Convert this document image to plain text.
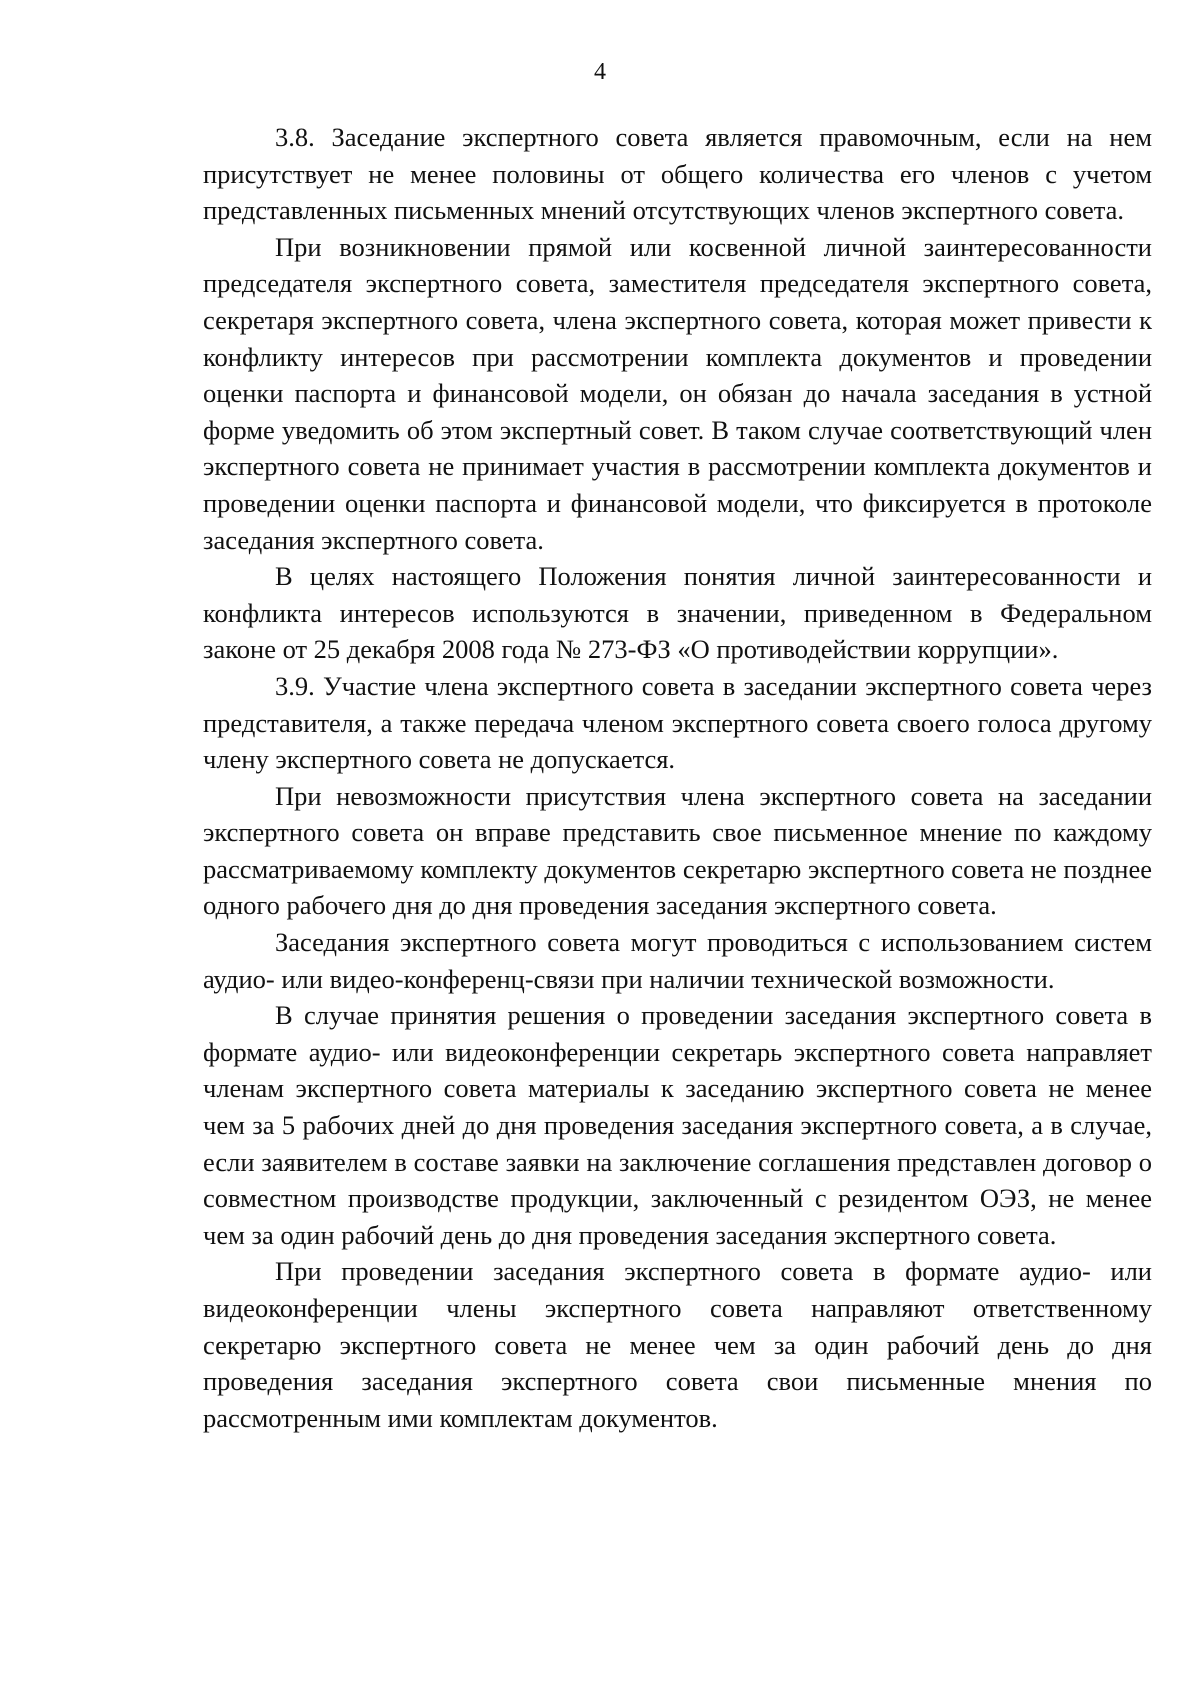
4

3.8. Заседание экспертного совета является правомочным, если на нем присутствует не менее половины от общего количества его членов с учетом представленных письменных мнений отсутствующих членов экспертного совета.

При возникновении прямой или косвенной личной заинтересованности председателя экспертного совета, заместителя председателя экспертного совета, секретаря экспертного совета, члена экспертного совета, которая может привести к конфликту интересов при рассмотрении комплекта документов и проведении оценки паспорта и финансовой модели, он обязан до начала заседания в устной форме уведомить об этом экспертный совет. В таком случае соответствующий член экспертного совета не принимает участия в рассмотрении комплекта документов и проведении оценки паспорта и финансовой модели, что фиксируется в протоколе заседания экспертного совета.

В целях настоящего Положения понятия личной заинтересованности и конфликта интересов используются в значении, приведенном в Федеральном законе от 25 декабря 2008 года № 273-ФЗ «О противодействии коррупции».

3.9. Участие члена экспертного совета в заседании экспертного совета через представителя, а также передача членом экспертного совета своего голоса другому члену экспертного совета не допускается.

При невозможности присутствия члена экспертного совета на заседании экспертного совета он вправе представить свое письменное мнение по каждому рассматриваемому комплекту документов секретарю экспертного совета не позднее одного рабочего дня до дня проведения заседания экспертного совета.

Заседания экспертного совета могут проводиться с использованием систем аудио- или видео-конференц-связи при наличии технической возможности.

В случае принятия решения о проведении заседания экспертного совета в формате аудио- или видеоконференции секретарь экспертного совета направляет членам экспертного совета материалы к заседанию экспертного совета не менее чем за 5 рабочих дней до дня проведения заседания экспертного совета, а в случае, если заявителем в составе заявки на заключение соглашения представлен договор о совместном производстве продукции, заключенный с резидентом ОЭЗ, не менее чем за один рабочий день до дня проведения заседания экспертного совета.

При проведении заседания экспертного совета в формате аудио- или видеоконференции члены экспертного совета направляют ответственному секретарю экспертного совета не менее чем за один рабочий день до дня проведения заседания экспертного совета свои письменные мнения по рассмотренным ими комплектам документов.
